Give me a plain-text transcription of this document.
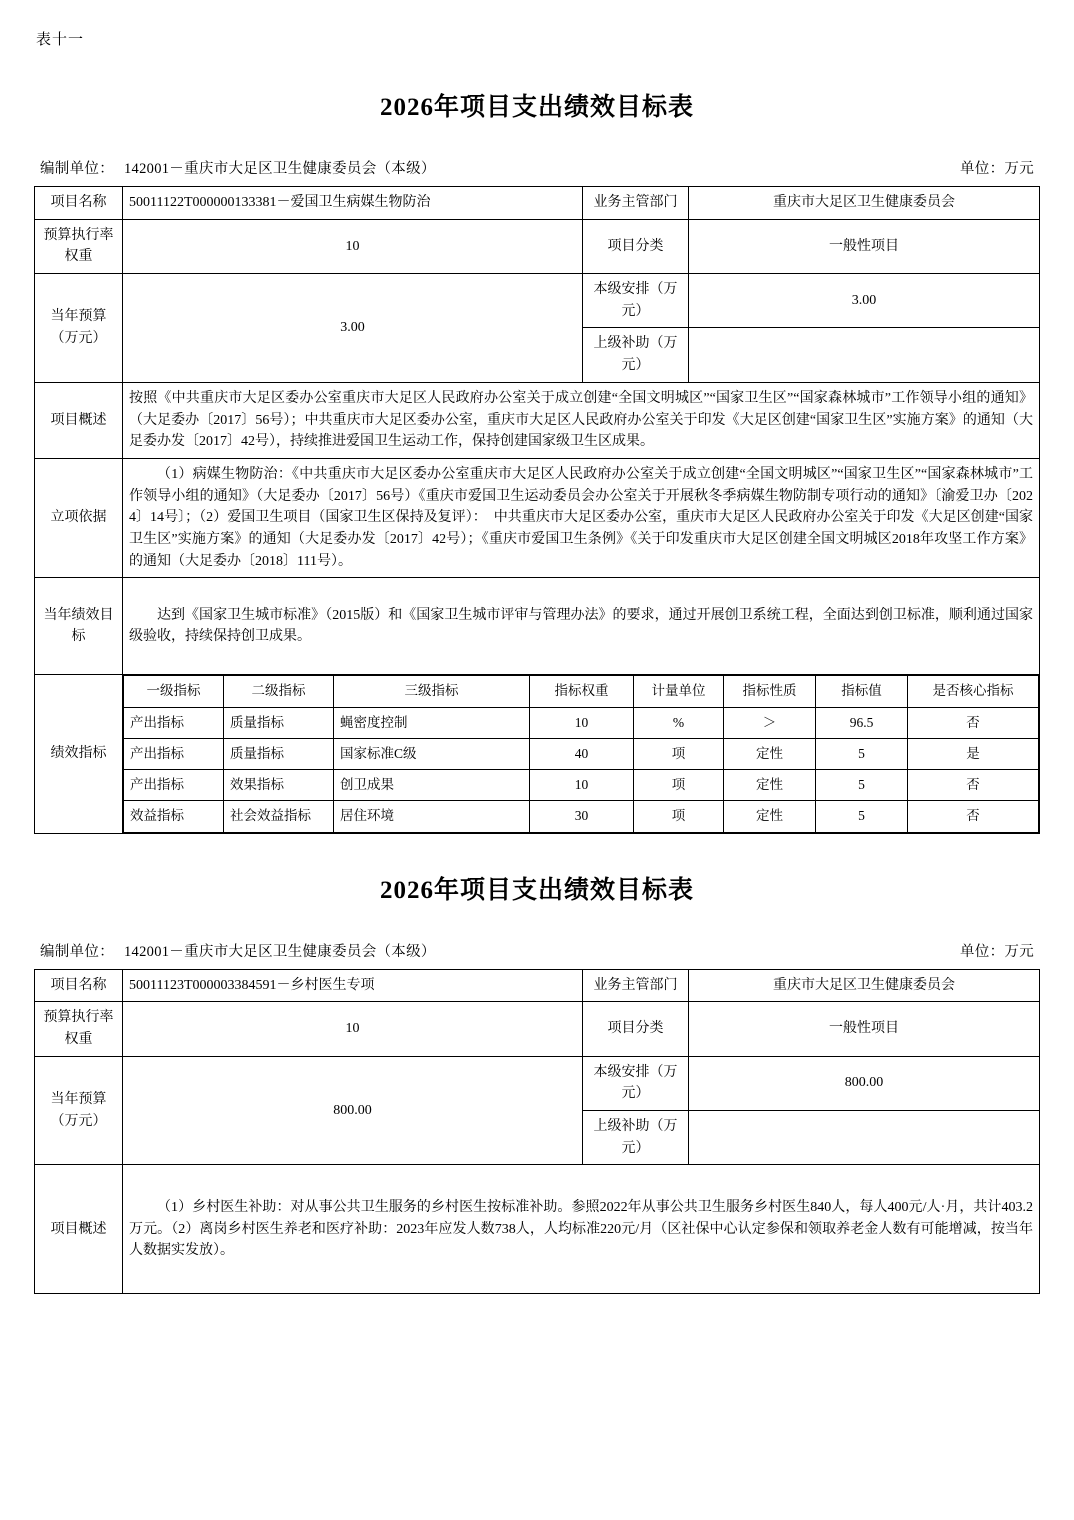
表十一
2026年项目支出绩效目标表
编制单位： 142001－重庆市大足区卫生健康委员会（本级）	单位：万元
项目名称	50011122T000000133381－爱国卫生病媒生物防治	业务主管部门	重庆市大足区卫生健康委员会
预算执行率权重	10	项目分类	一般性项目
当年预算（万元）	3.00	本级安排（万元）	3.00
上级补助（万元）	
项目概述	按照《中共重庆市大足区委办公室重庆市大足区人民政府办公室关于成立创建“全国文明城区”“国家卫生区”“国家森林城市”工作领导小组的通知》（大足委办〔2017〕56号）；中共重庆市大足区委办公室，重庆市大足区人民政府办公室关于印发《大足区创建“国家卫生区”实施方案》的通知（大足委办发〔2017〕42号），持续推进爱国卫生运动工作，保持创建国家级卫生区成果。
立项依据	（1）病媒生物防治：《中共重庆市大足区委办公室重庆市大足区人民政府办公室关于成立创建“全国文明城区”“国家卫生区”“国家森林城市”工作领导小组的通知》（大足委办〔2017〕56号）《重庆市爱国卫生运动委员会办公室关于开展秋冬季病媒生物防制专项行动的通知》〔渝爱卫办〔2024〕14号〕；（2）爱国卫生项目（国家卫生区保持及复评）：　中共重庆市大足区委办公室，重庆市大足区人民政府办公室关于印发《大足区创建“国家卫生区”实施方案》的通知（大足委办发〔2017〕42号）；《重庆市爱国卫生条例》《关于印发重庆市大足区创建全国文明城区2018年攻坚工作方案》的通知（大足委办〔2018〕111号）。
当年绩效目标	达到《国家卫生城市标准》（2015版）和《国家卫生城市评审与管理办法》的要求，通过开展创卫系统工程，全面达到创卫标准，顺利通过国家级验收，持续保持创卫成果。
绩效指标	
一级指标	二级指标	三级指标	指标权重	计量单位	指标性质	指标值	是否核心指标
产出指标	质量指标	蝇密度控制	10	%	＞	96.5	否
产出指标	质量指标	国家标准C级	40	项	定性	5	是
产出指标	效果指标	创卫成果	10	项	定性	5	否
效益指标	社会效益指标	居住环境	30	项	定性	5	否
2026年项目支出绩效目标表
编制单位： 142001－重庆市大足区卫生健康委员会（本级）	单位：万元
项目名称	50011123T000003384591－乡村医生专项	业务主管部门	重庆市大足区卫生健康委员会
预算执行率权重	10	项目分类	一般性项目
当年预算（万元）	800.00	本级安排（万元）	800.00
		上级补助（万元）	
项目概述	（1）乡村医生补助：对从事公共卫生服务的乡村医生按标准补助。参照2022年从事公共卫生服务乡村医生840人，每人400元/人·月，共计403.2万元。（2）离岗乡村医生养老和医疗补助：2023年应发人数738人，人均标准220元/月（区社保中心认定参保和领取养老金人数有可能增减，按当年人数据实发放）。		
